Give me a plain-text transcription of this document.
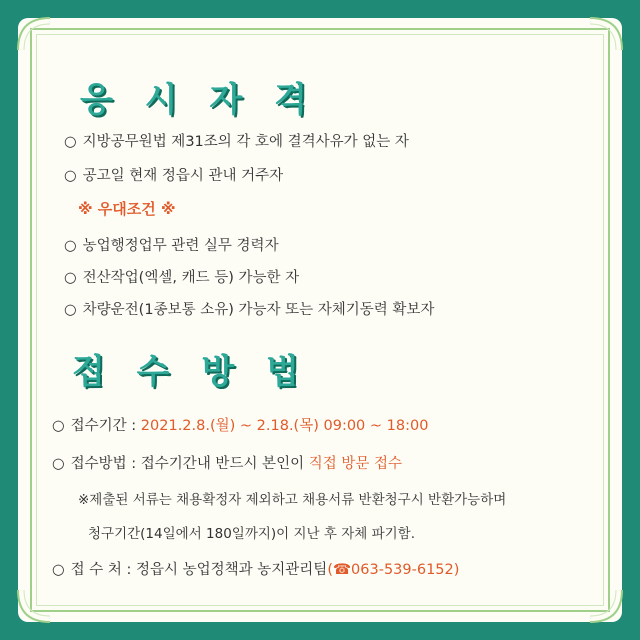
응 시 자 격
○ 지방공무원법 제31조의 각 호에 결격사유가 없는 자
○ 공고일 현재 정읍시 관내 거주자
※ 우대조건 ※
○ 농업행정업무 관련 실무 경력자
○ 전산작업(엑셀, 캐드 등) 가능한 자
○ 차량운전(1종보통 소유) 가능자 또는 자체기동력 확보자
접 수 방 법
○ 접수기간 : 2021.2.8.(월) ~ 2.18.(목) 09:00 ~ 18:00
○ 접수방법 : 접수기간내 반드시 본인이 직접 방문 접수
※제출된 서류는 채용확정자 제외하고 채용서류 반환청구시 반환가능하며
청구기간(14일에서 180일까지)이 지난 후 자체 파기함.
○ 접 수 처 : 정읍시 농업정책과 농지관리팀(☎063-539-6152)
